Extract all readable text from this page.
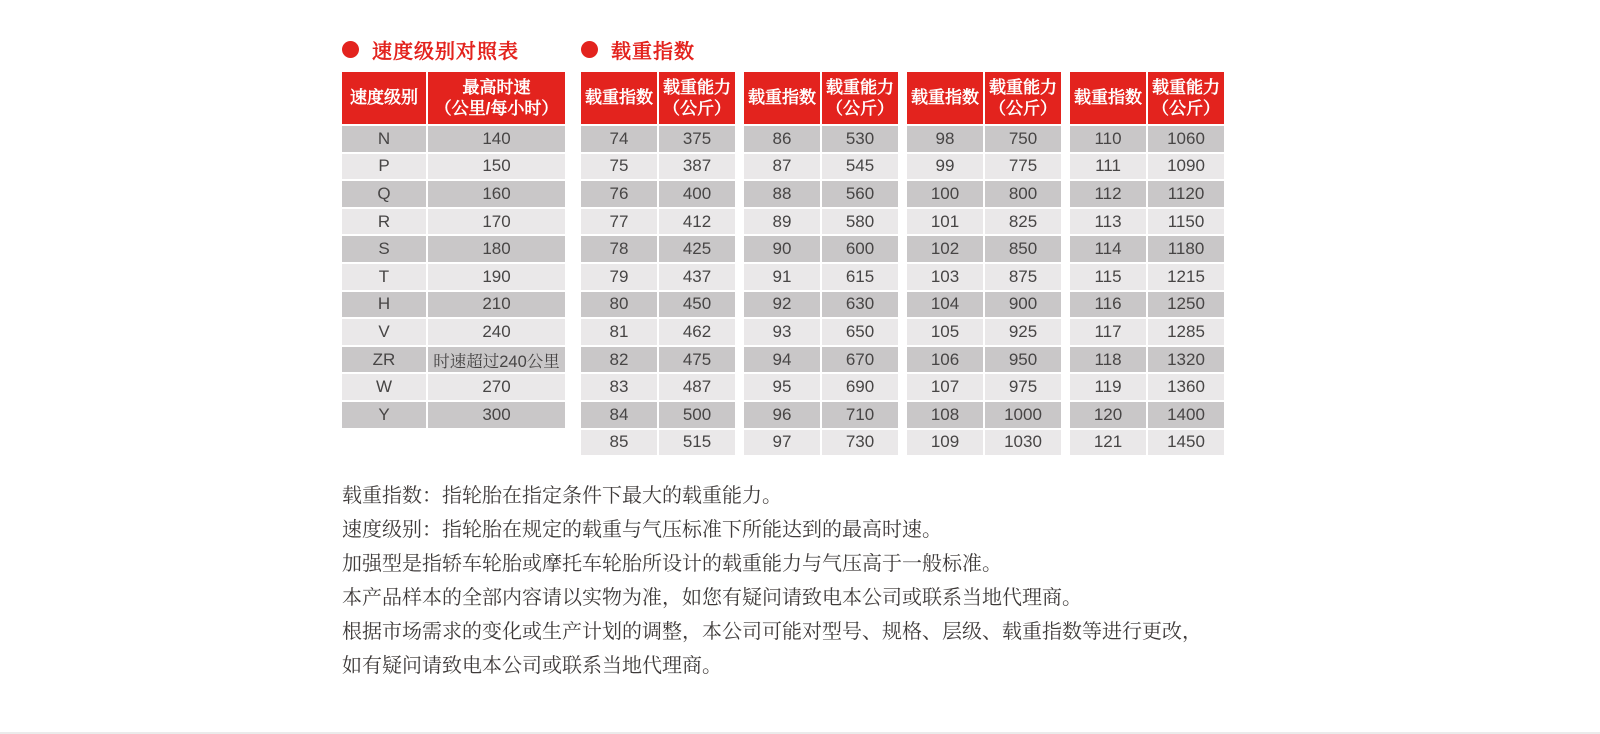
速度级别对照表
速度级别
最高时速
（公里/每小时）
N	140
P	150
Q	160
R	170
S	180
T	190
H	210
V	240
ZR	时速超过240公里
W	270
Y	300
载重指数
载重指数
载重能力
（公斤）
74	375
75	387
76	400
77	412
78	425
79	437
80	450
81	462
82	475
83	487
84	500
85	515
载重指数
载重能力
（公斤）
86	530
87	545
88	560
89	580
90	600
91	615
92	630
93	650
94	670
95	690
96	710
97	730
载重指数
载重能力
（公斤）
98	750
99	775
100	800
101	825
102	850
103	875
104	900
105	925
106	950
107	975
108	1000
109	1030
载重指数
载重能力
（公斤）
110	1060
111	1090
112	1120
113	1150
114	1180
115	1215
116	1250
117	1285
118	1320
119	1360
120	1400
121	1450
载重指数：指轮胎在指定条件下最大的载重能力。
速度级别：指轮胎在规定的载重与气压标准下所能达到的最高时速。
加强型是指轿车轮胎或摩托车轮胎所设计的载重能力与气压高于一般标准。
本产品样本的全部内容请以实物为准，如您有疑问请致电本公司或联系当地代理商。
根据市场需求的变化或生产计划的调整，本公司可能对型号、规格、层级、载重指数等进行更改，
如有疑问请致电本公司或联系当地代理商。
